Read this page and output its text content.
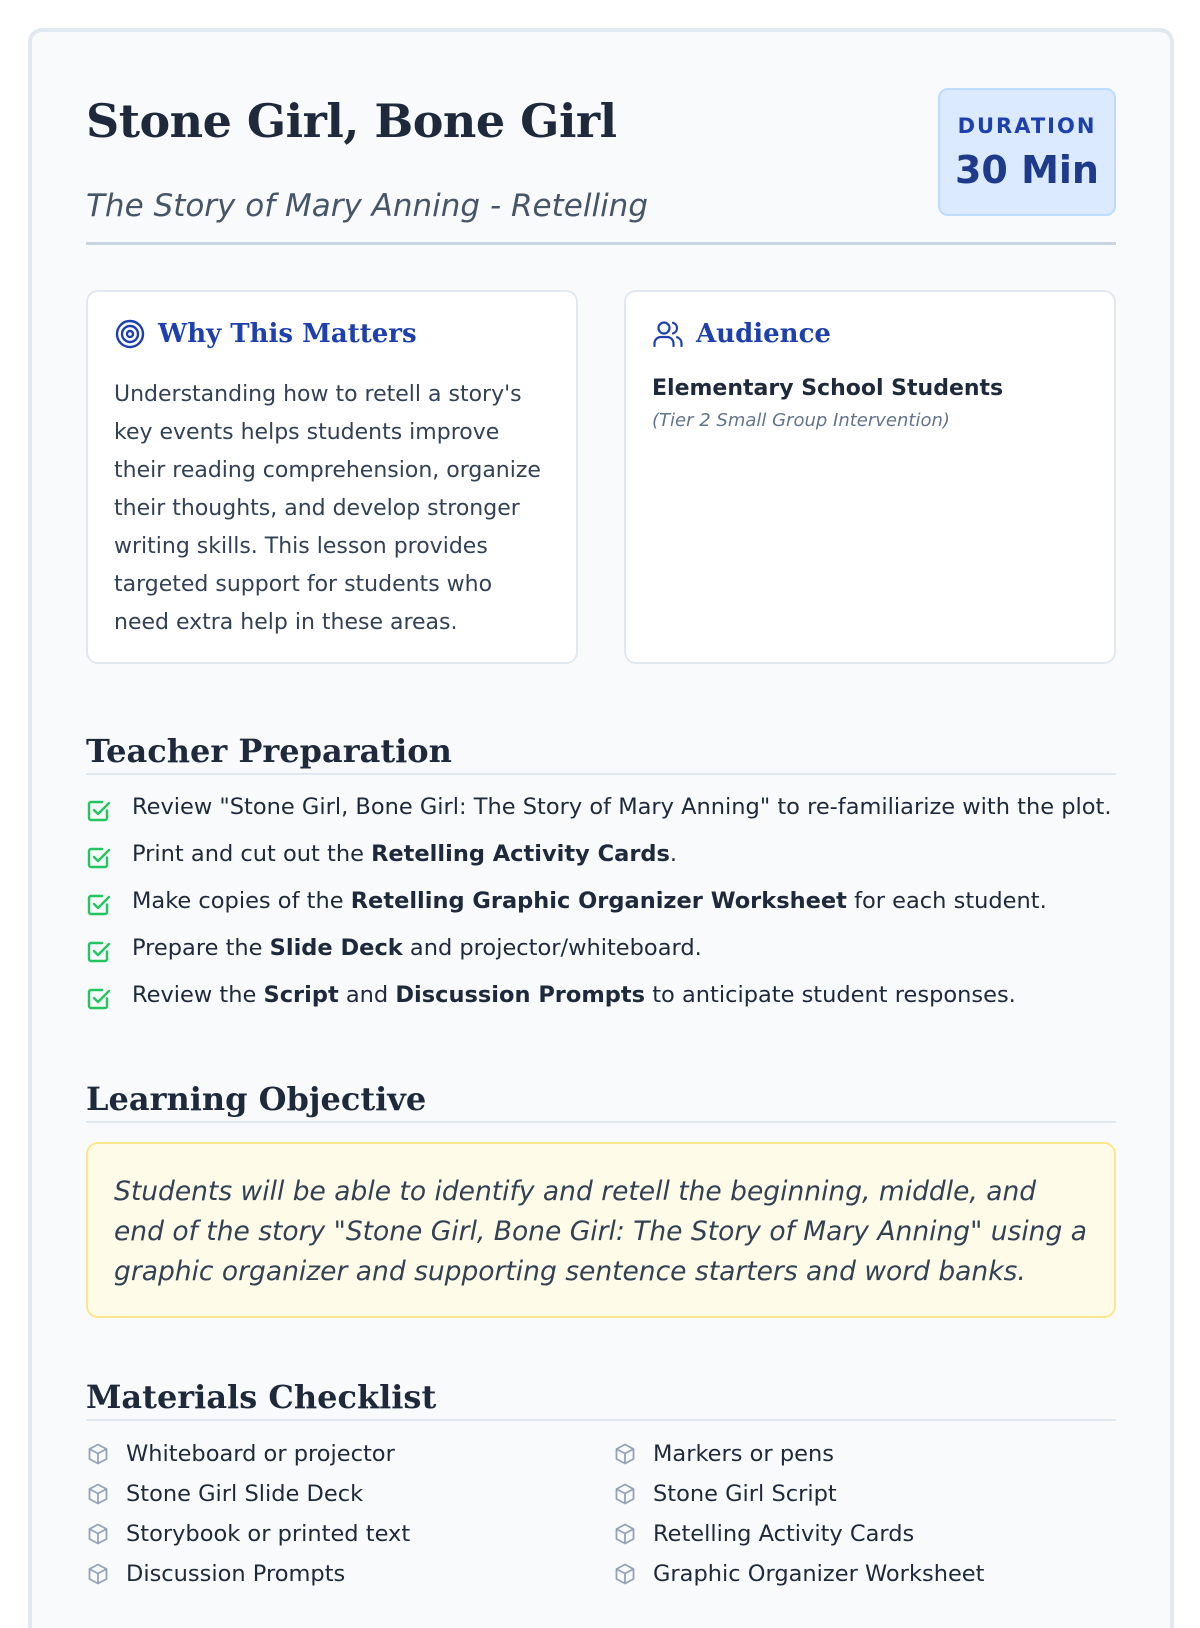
Stone Girl, Bone Girl
The Story of Mary Anning - Retelling
DURATION
30 Min
Why This Matters
Understanding how to retell a story's key events helps students improve their reading comprehension, organize their thoughts, and develop stronger writing skills. This lesson provides targeted support for students who need extra help in these areas.
Audience
Elementary School Students
(Tier 2 Small Group Intervention)
Teacher Preparation
Review "Stone Girl, Bone Girl: The Story of Mary Anning" to re-familiarize with the plot.
Print and cut out the Retelling Activity Cards.
Make copies of the Retelling Graphic Organizer Worksheet for each student.
Prepare the Slide Deck and projector/whiteboard.
Review the Script and Discussion Prompts to anticipate student responses.
Learning Objective
Students will be able to identify and retell the beginning, middle, and end of the story "Stone Girl, Bone Girl: The Story of Mary Anning" using a graphic organizer and supporting sentence starters and word banks.
Materials Checklist
Whiteboard or projector
Stone Girl Slide Deck
Storybook or printed text
Discussion Prompts
Markers or pens
Stone Girl Script
Retelling Activity Cards
Graphic Organizer Worksheet
